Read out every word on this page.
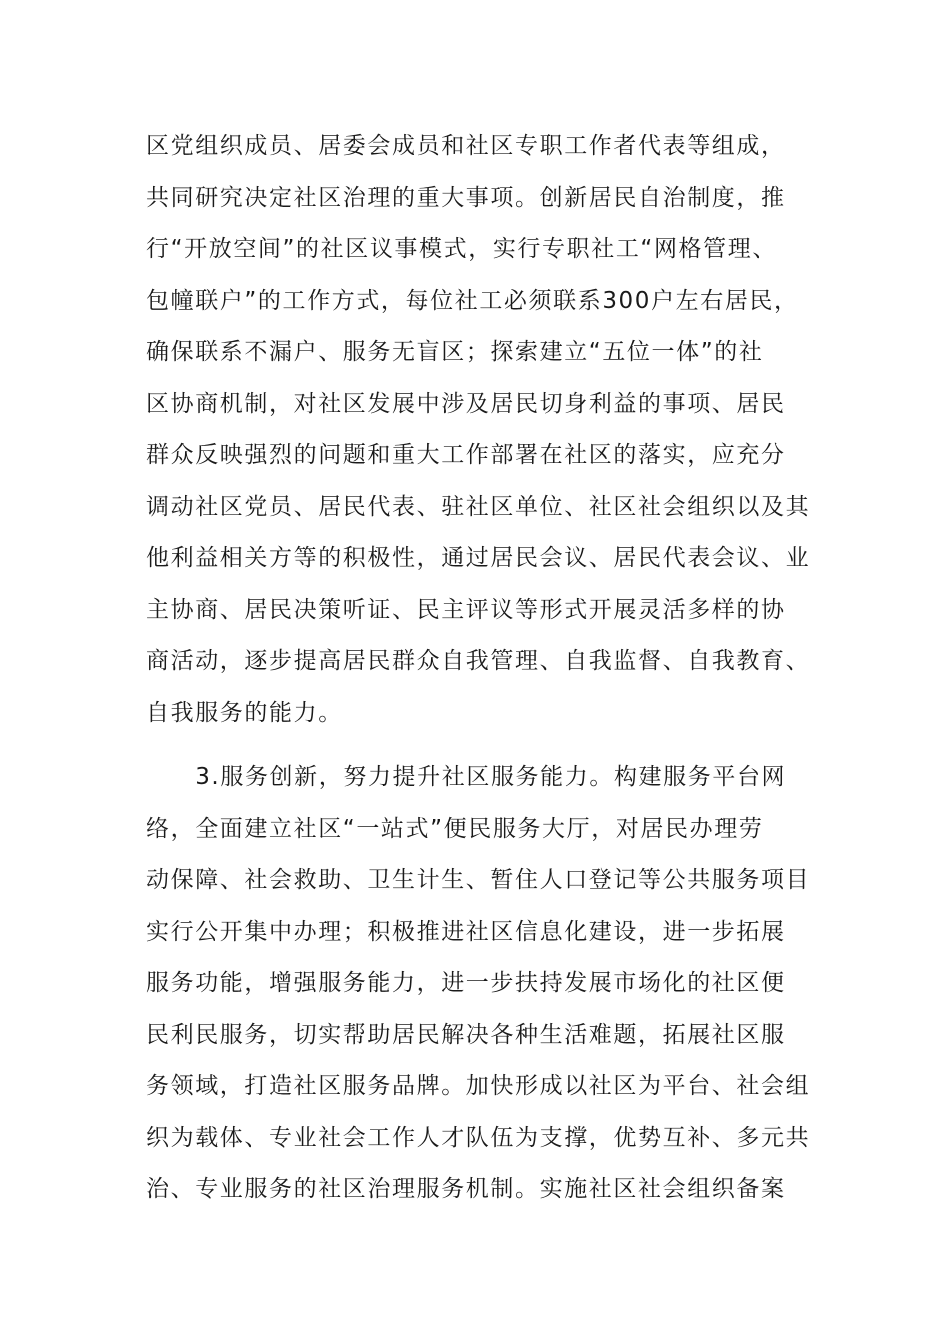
区党组织成员、居委会成员和社区专职工作者代表等组成，
共同研究决定社区治理的重大事项。创新居民自治制度，推
行“开放空间”的社区议事模式，实行专职社工“网格管理、
包幢联户”的工作方式，每位社工必须联系300户左右居民，
确保联系不漏户、服务无盲区；探索建立“五位一体”的社
区协商机制，对社区发展中涉及居民切身利益的事项、居民
群众反映强烈的问题和重大工作部署在社区的落实，应充分
调动社区党员、居民代表、驻社区单位、社区社会组织以及其
他利益相关方等的积极性，通过居民会议、居民代表会议、业
主协商、居民决策听证、民主评议等形式开展灵活多样的协
商活动，逐步提高居民群众自我管理、自我监督、自我教育、
自我服务的能力。
　　3.服务创新，努力提升社区服务能力。构建服务平台网
络，全面建立社区“一站式”便民服务大厅，对居民办理劳
动保障、社会救助、卫生计生、暂住人口登记等公共服务项目
实行公开集中办理；积极推进社区信息化建设，进一步拓展
服务功能，增强服务能力，进一步扶持发展市场化的社区便
民利民服务，切实帮助居民解决各种生活难题，拓展社区服
务领域，打造社区服务品牌。加快形成以社区为平台、社会组
织为载体、专业社会工作人才队伍为支撑，优势互补、多元共
治、专业服务的社区治理服务机制。实施社区社会组织备案
